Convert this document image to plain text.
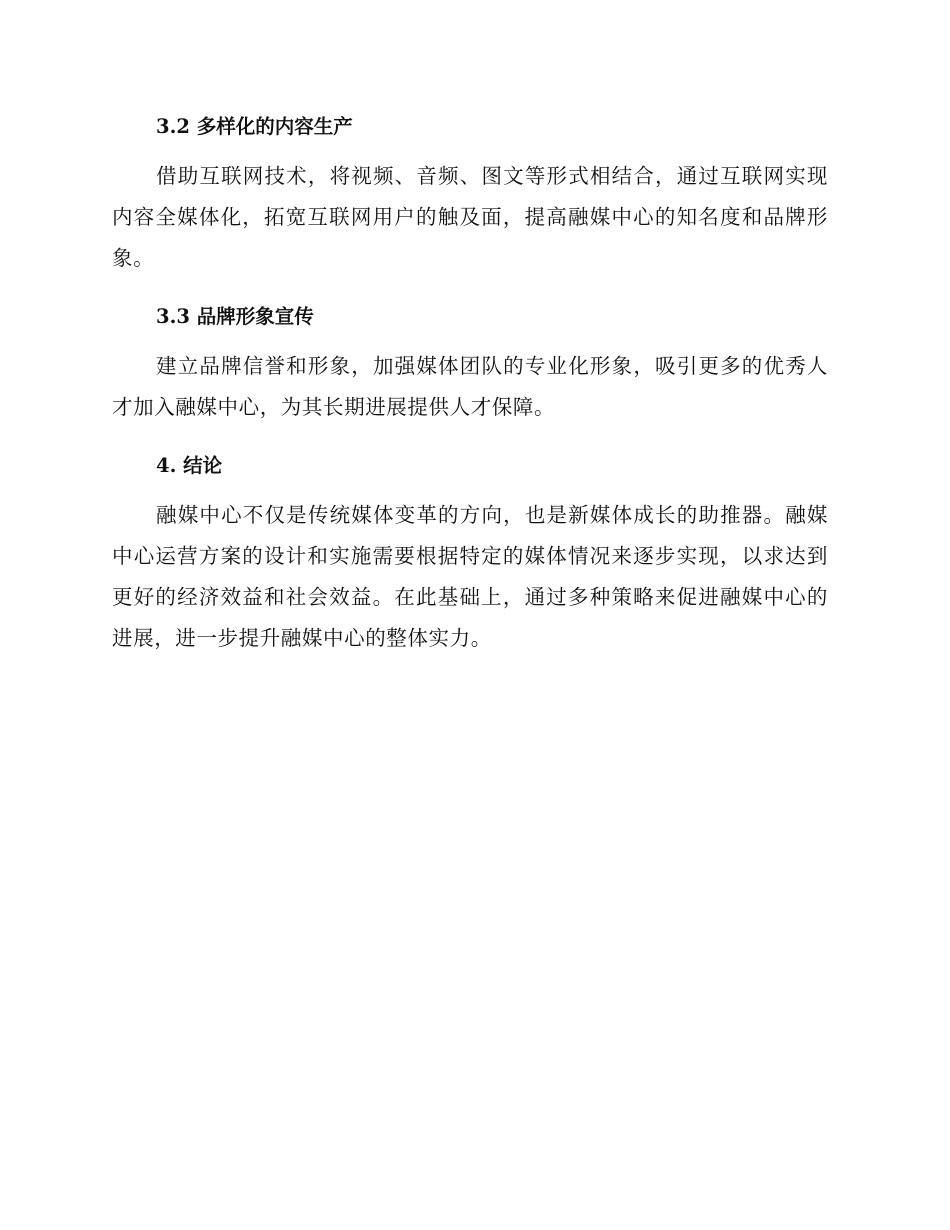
3.2 多样化的内容生产

借助互联网技术，将视频、音频、图文等形式相结合，通过互联网实现内容全媒体化，拓宽互联网用户的触及面，提高融媒中心的知名度和品牌形象。

3.3 品牌形象宣传

建立品牌信誉和形象，加强媒体团队的专业化形象，吸引更多的优秀人才加入融媒中心，为其长期进展提供人才保障。

4. 结论

融媒中心不仅是传统媒体变革的方向，也是新媒体成长的助推器。融媒中心运营方案的设计和实施需要根据特定的媒体情况来逐步实现，以求达到更好的经济效益和社会效益。在此基础上，通过多种策略来促进融媒中心的进展，进一步提升融媒中心的整体实力。
